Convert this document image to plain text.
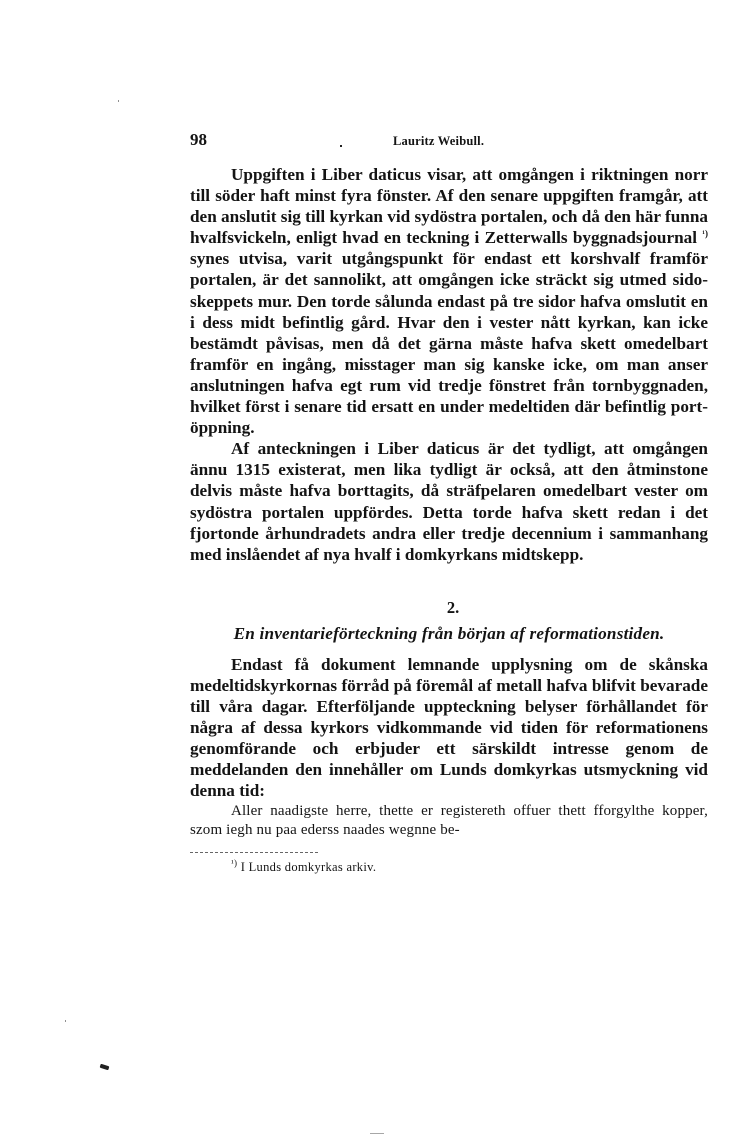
98	Lauritz Weibull.

Uppgiften i Liber daticus visar, att omgången i riktningen norr till söder haft minst fyra fönster. Af den senare uppgiften framgår, att den anslutit sig till kyrkan vid sydöstra portalen, och då den här funna hvalfsvickeln, enligt hvad en teckning i Zetterwalls byggnadsjournal $^{^1)}$ synes utvisa, varit utgångspunkt för endast ett korshvalf framför portalen, är det sannolikt, att omgången icke sträckt sig utmed sidoskeppets mur. Den torde sålunda endast på tre sidor hafva omslutit en i dess midt befintlig gård. Hvar den i vester nått kyrkan, kan icke bestämdt påvisas, men då det gärna måste hafva skett omedelbart framför en ingång, misstager man sig kanske icke, om man anser anslutningen hafva egt rum vid tredje fönstret från tornbyggnaden, hvilket först i senare tid ersatt en under medeltiden där befintlig portöppning.

Af anteckningen i Liber daticus är det tydligt, att omgången ännu 1315 existerat, men lika tydligt är också, att den åtminstone delvis måste hafva borttagits, då sträfpelaren omedelbart vester om sydöstra portalen uppfördes. Detta torde hafva skett redan i det fjortonde århundradets andra eller tredje decennium i sammanhang med inslåendet af nya hvalf i domkyrkans midtskepp.

2.
En inventarieförteckning från början af reformationstiden.

Endast få dokument lemnande upplysning om de skånska medeltidskyrkornas förråd på föremål af metall hafva blifvit bevarade till våra dagar. Efterföljande uppteckning belyser förhållandet för några af dessa kyrkors vidkommande vid tiden för reformationens genomförande och erbjuder ett särskildt intresse genom de meddelanden den innehåller om Lunds domkyrkas utsmyckning vid denna tid:

Aller naadigste herre, thette er registereth offuer thett fforgylthe kopper, szom iegh nu paa ederss naades wegnne be-

$^{^1)}$ I Lunds domkyrkas arkiv.
